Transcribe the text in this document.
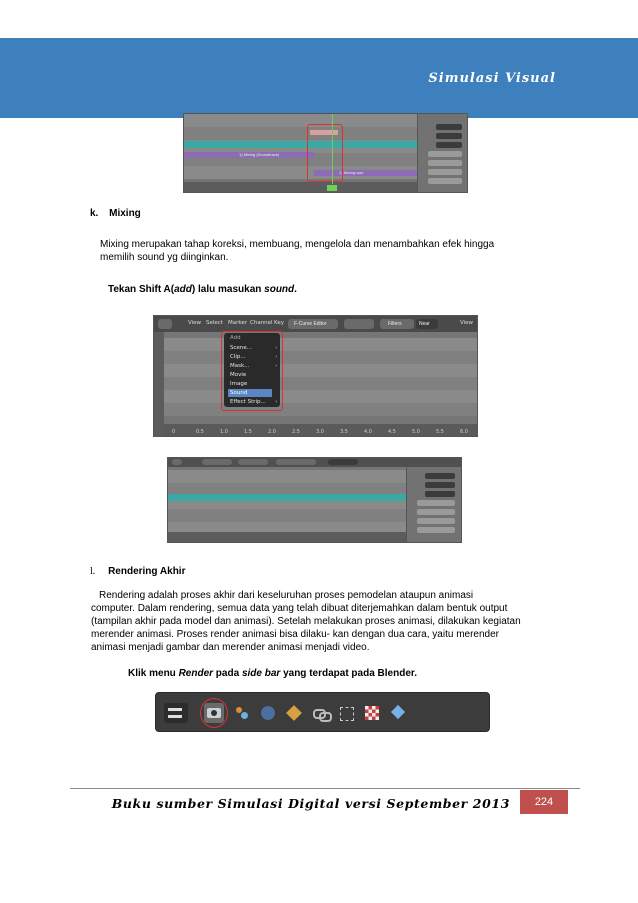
Simulasi Visual
1) Mixing (Soundtrack)
1) Mixing.wav
k. Mixing
Mixing merupakan tahap koreksi, membuang, mengelola dan menambahkan efek hingga
memilih sound yg diinginkan.
Tekan Shift A(add) lalu masukan sound.
View Select Marker Channel Key F-Curve Editor	Filters	Near	View
0	0.5	1.0	1.5	2.0	2.5	3.0	3.5	4.0	4.5	5.0	5.5	6.0
Add
Scene...
Clip...
Mask...
Movie
Image
Sound
Effect Strip...
›
›
›
›
l. Rendering Akhir
Rendering adalah proses akhir dari keseluruhan proses pemodelan ataupun animasi
computer. Dalam rendering, semua data yang telah dibuat diterjemahkan dalam bentuk output
(tampilan akhir pada model dan animasi). Setelah melakukan proses animasi, dilakukan kegiatan
merender animasi. Proses render animasi bisa dilaku- kan dengan dua cara, yaitu merender
animasi menjadi gambar dan merender animasi menjadi video.
Klik menu Render pada side bar yang terdapat pada Blender.
Buku sumber Simulasi Digital versi September 2013	224
